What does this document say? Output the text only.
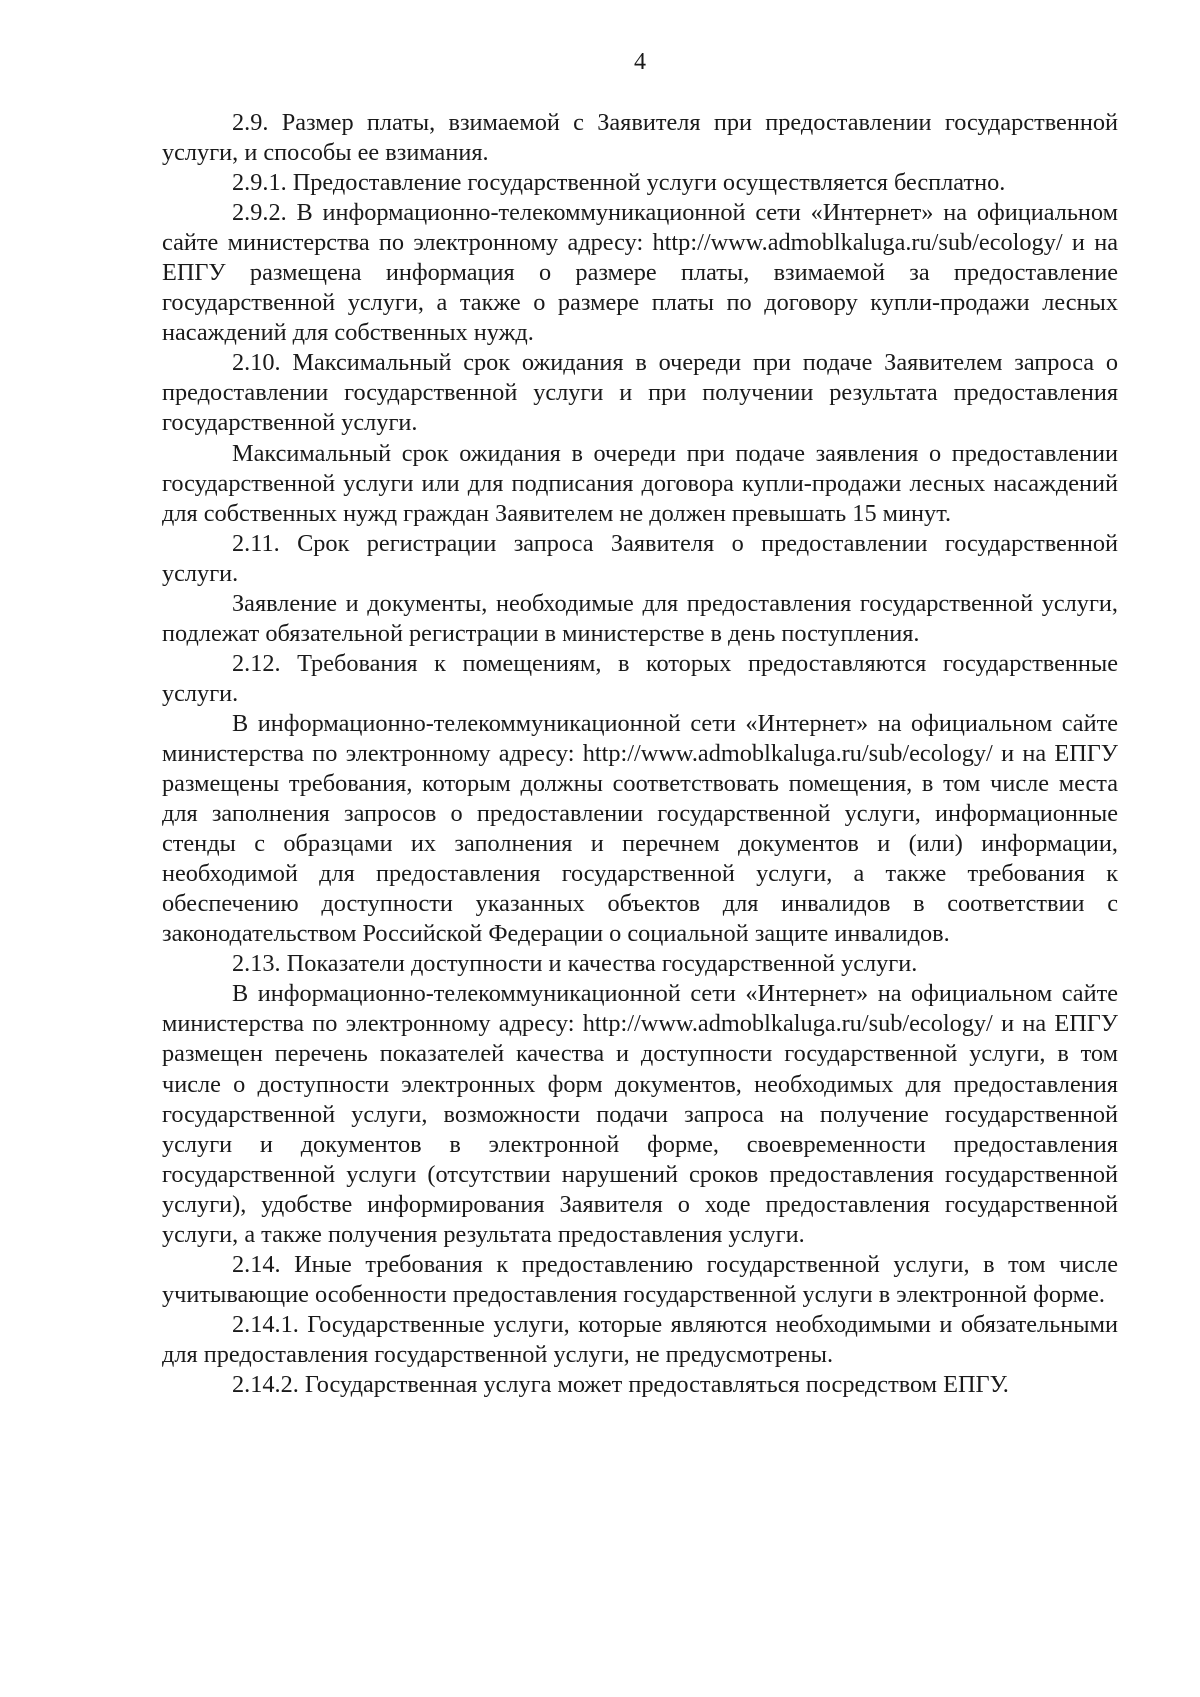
4

2.9. Размер платы, взимаемой с Заявителя при предоставлении государственной услуги, и способы ее взимания.

2.9.1. Предоставление государственной услуги осуществляется бесплатно.

2.9.2. В информационно-телекоммуникационной сети «Интернет» на официальном сайте министерства по электронному адресу: http://www.admoblkaluga.ru/sub/ecology/ и на ЕПГУ размещена информация о размере платы, взимаемой за предоставление государственной услуги, а также о размере платы по договору купли-продажи лесных насаждений для собственных нужд.

2.10. Максимальный срок ожидания в очереди при подаче Заявителем запроса о предоставлении государственной услуги и при получении результата предоставления государственной услуги.

Максимальный срок ожидания в очереди при подаче заявления о предоставлении государственной услуги или для подписания договора купли-продажи лесных насаждений для собственных нужд граждан Заявителем не должен превышать 15 минут.

2.11. Срок регистрации запроса Заявителя о предоставлении государственной услуги.

Заявление и документы, необходимые для предоставления государственной услуги, подлежат обязательной регистрации в министерстве в день поступления.

2.12. Требования к помещениям, в которых предоставляются государственные услуги.

В информационно-телекоммуникационной сети «Интернет» на официальном сайте министерства по электронному адресу: http://www.admoblkaluga.ru/sub/ecology/ и на ЕПГУ размещены требования, которым должны соответствовать помещения, в том числе места для заполнения запросов о предоставлении государственной услуги, информационные стенды с образцами их заполнения и перечнем документов и (или) информации, необходимой для предоставления государственной услуги, а также требования к обеспечению доступности указанных объектов для инвалидов в соответствии с законодательством Российской Федерации о социальной защите инвалидов.

2.13. Показатели доступности и качества государственной услуги.

В информационно-телекоммуникационной сети «Интернет» на официальном сайте министерства по электронному адресу: http://www.admoblkaluga.ru/sub/ecology/ и на ЕПГУ размещен перечень показателей качества и доступности государственной услуги, в том числе о доступности электронных форм документов, необходимых для предоставления государственной услуги, возможности подачи запроса на получение государственной услуги и документов в электронной форме, своевременности предоставления государственной услуги (отсутствии нарушений сроков предоставления государственной услуги), удобстве информирования Заявителя о ходе предоставления государственной услуги, а также получения результата предоставления услуги.

2.14. Иные требования к предоставлению государственной услуги, в том числе учитывающие особенности предоставления государственной услуги в электронной форме.

2.14.1. Государственные услуги, которые являются необходимыми и обязательными для предоставления государственной услуги, не предусмотрены.

2.14.2. Государственная услуга может предоставляться посредством ЕПГУ.
